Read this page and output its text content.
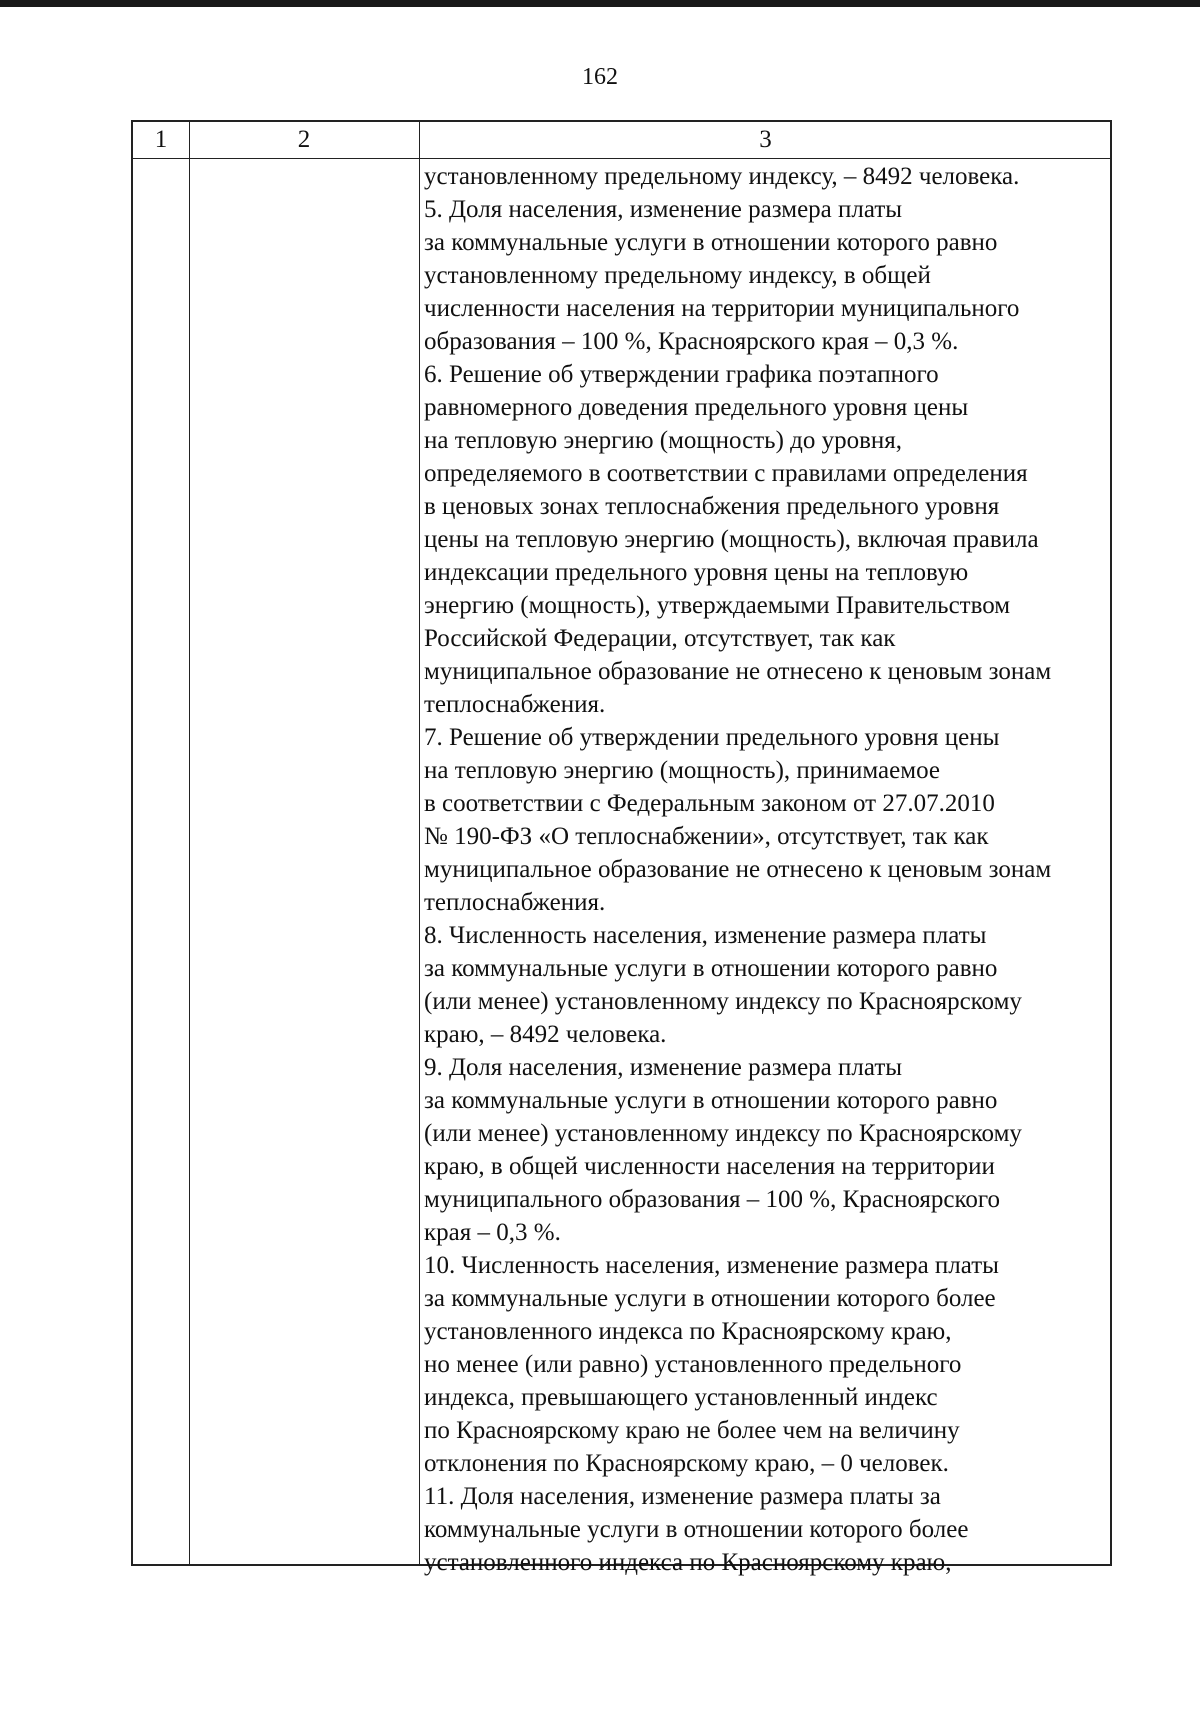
162
1	2	3
установленному предельному индексу, – 8492 человека.
5. Доля населения, изменение размера платы
за коммунальные услуги в отношении которого равно
установленному предельному индексу, в общей
численности населения на территории муниципального
образования – 100 %, Красноярского края – 0,3 %.
6. Решение об утверждении графика поэтапного
равномерного доведения предельного уровня цены
на тепловую энергию (мощность) до уровня,
определяемого в соответствии с правилами определения
в ценовых зонах теплоснабжения предельного уровня
цены на тепловую энергию (мощность), включая правила
индексации предельного уровня цены на тепловую
энергию (мощность), утверждаемыми Правительством
Российской Федерации, отсутствует, так как
муниципальное образование не отнесено к ценовым зонам
теплоснабжения.
7. Решение об утверждении предельного уровня цены
на тепловую энергию (мощность), принимаемое
в соответствии с Федеральным законом от 27.07.2010
№ 190-ФЗ «О теплоснабжении», отсутствует, так как
муниципальное образование не отнесено к ценовым зонам
теплоснабжения.
8. Численность населения, изменение размера платы
за коммунальные услуги в отношении которого равно
(или менее) установленному индексу по Красноярскому
краю, – 8492 человека.
9. Доля населения, изменение размера платы
за коммунальные услуги в отношении которого равно
(или менее) установленному индексу по Красноярскому
краю, в общей численности населения на территории
муниципального образования – 100 %, Красноярского
края – 0,3 %.
10. Численность населения, изменение размера платы
за коммунальные услуги в отношении которого более
установленного индекса по Красноярскому краю,
но менее (или равно) установленного предельного
индекса, превышающего установленный индекс
по Красноярскому краю не более чем на величину
отклонения по Красноярскому краю, – 0 человек.
11. Доля населения, изменение размера платы за
коммунальные услуги в отношении которого более
установленного индекса по Красноярскому краю,
